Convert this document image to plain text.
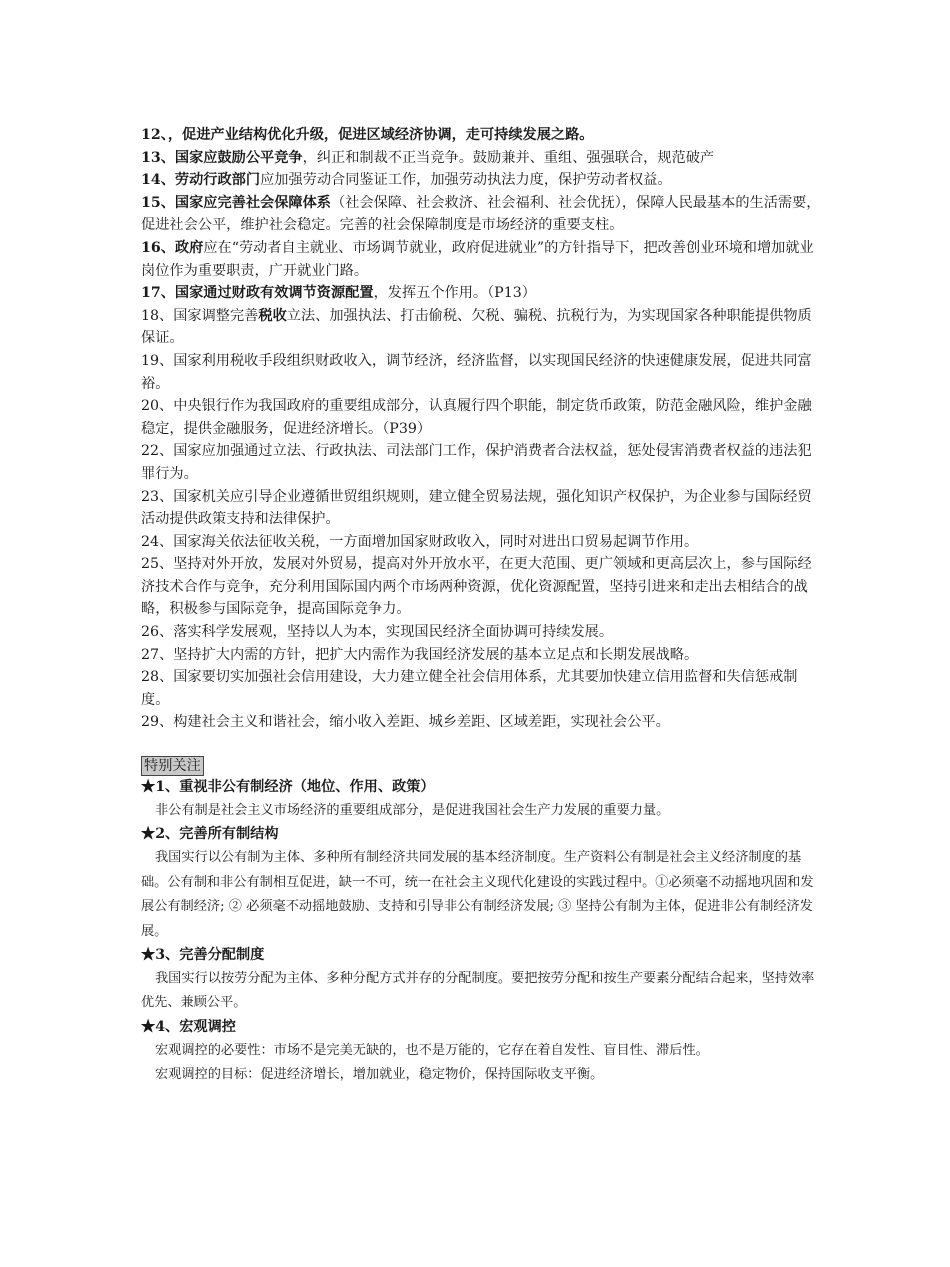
12、，促进产业结构优化升级，促进区域经济协调，走可持续发展之路。

13、国家应鼓励公平竞争，纠正和制裁不正当竞争。鼓励兼并、重组、强强联合，规范破产

14、劳动行政部门应加强劳动合同鉴证工作，加强劳动执法力度，保护劳动者权益。

15、国家应完善社会保障体系（社会保障、社会救济、社会福利、社会优抚），保障人民最基本的生活需要，促进社会公平，维护社会稳定。完善的社会保障制度是市场经济的重要支柱。

16、政府应在“劳动者自主就业、市场调节就业，政府促进就业”的方针指导下，把改善创业环境和增加就业岗位作为重要职责，广开就业门路。

17、国家通过财政有效调节资源配置，发挥五个作用。（P13）

18、国家调整完善税收立法、加强执法、打击偷税、欠税、骗税、抗税行为，为实现国家各种职能提供物质保证。

19、国家利用税收手段组织财政收入，调节经济，经济监督，以实现国民经济的快速健康发展，促进共同富裕。

20、中央银行作为我国政府的重要组成部分，认真履行四个职能，制定货币政策，防范金融风险，维护金融稳定，提供金融服务，促进经济增长。（P39）

22、国家应加强通过立法、行政执法、司法部门工作，保护消费者合法权益，惩处侵害消费者权益的违法犯罪行为。

23、国家机关应引导企业遵循世贸组织规则，建立健全贸易法规，强化知识产权保护，为企业参与国际经贸活动提供政策支持和法律保护。

24、国家海关依法征收关税，一方面增加国家财政收入，同时对进出口贸易起调节作用。

25、坚持对外开放，发展对外贸易，提高对外开放水平，在更大范围、更广领域和更高层次上，参与国际经济技术合作与竞争，充分利用国际国内两个市场两种资源，优化资源配置，坚持引进来和走出去相结合的战略，积极参与国际竞争，提高国际竞争力。

26、落实科学发展观，坚持以人为本，实现国民经济全面协调可持续发展。

27、坚持扩大内需的方针，把扩大内需作为我国经济发展的基本立足点和长期发展战略。

28、国家要切实加强社会信用建设，大力建立健全社会信用体系，尤其要加快建立信用监督和失信惩戒制度。

29、构建社会主义和谐社会，缩小收入差距、城乡差距、区域差距，实现社会公平。

特别关注

★1、重视非公有制经济（地位、作用、政策）

非公有制是社会主义市场经济的重要组成部分，是促进我国社会生产力发展的重要力量。

★2、完善所有制结构

我国实行以公有制为主体、多种所有制经济共同发展的基本经济制度。生产资料公有制是社会主义经济制度的基础。公有制和非公有制相互促进，缺一不可，统一在社会主义现代化建设的实践过程中。①必须毫不动摇地巩固和发展公有制经济; ② 必须毫不动摇地鼓励、支持和引导非公有制经济发展; ③ 坚持公有制为主体，促进非公有制经济发展。

★3、完善分配制度

我国实行以按劳分配为主体、多种分配方式并存的分配制度。要把按劳分配和按生产要素分配结合起来，坚持效率优先、兼顾公平。

★4、宏观调控

宏观调控的必要性：市场不是完美无缺的，也不是万能的，它存在着自发性、盲目性、滞后性。

宏观调控的目标：促进经济增长，增加就业，稳定物价，保持国际收支平衡。
